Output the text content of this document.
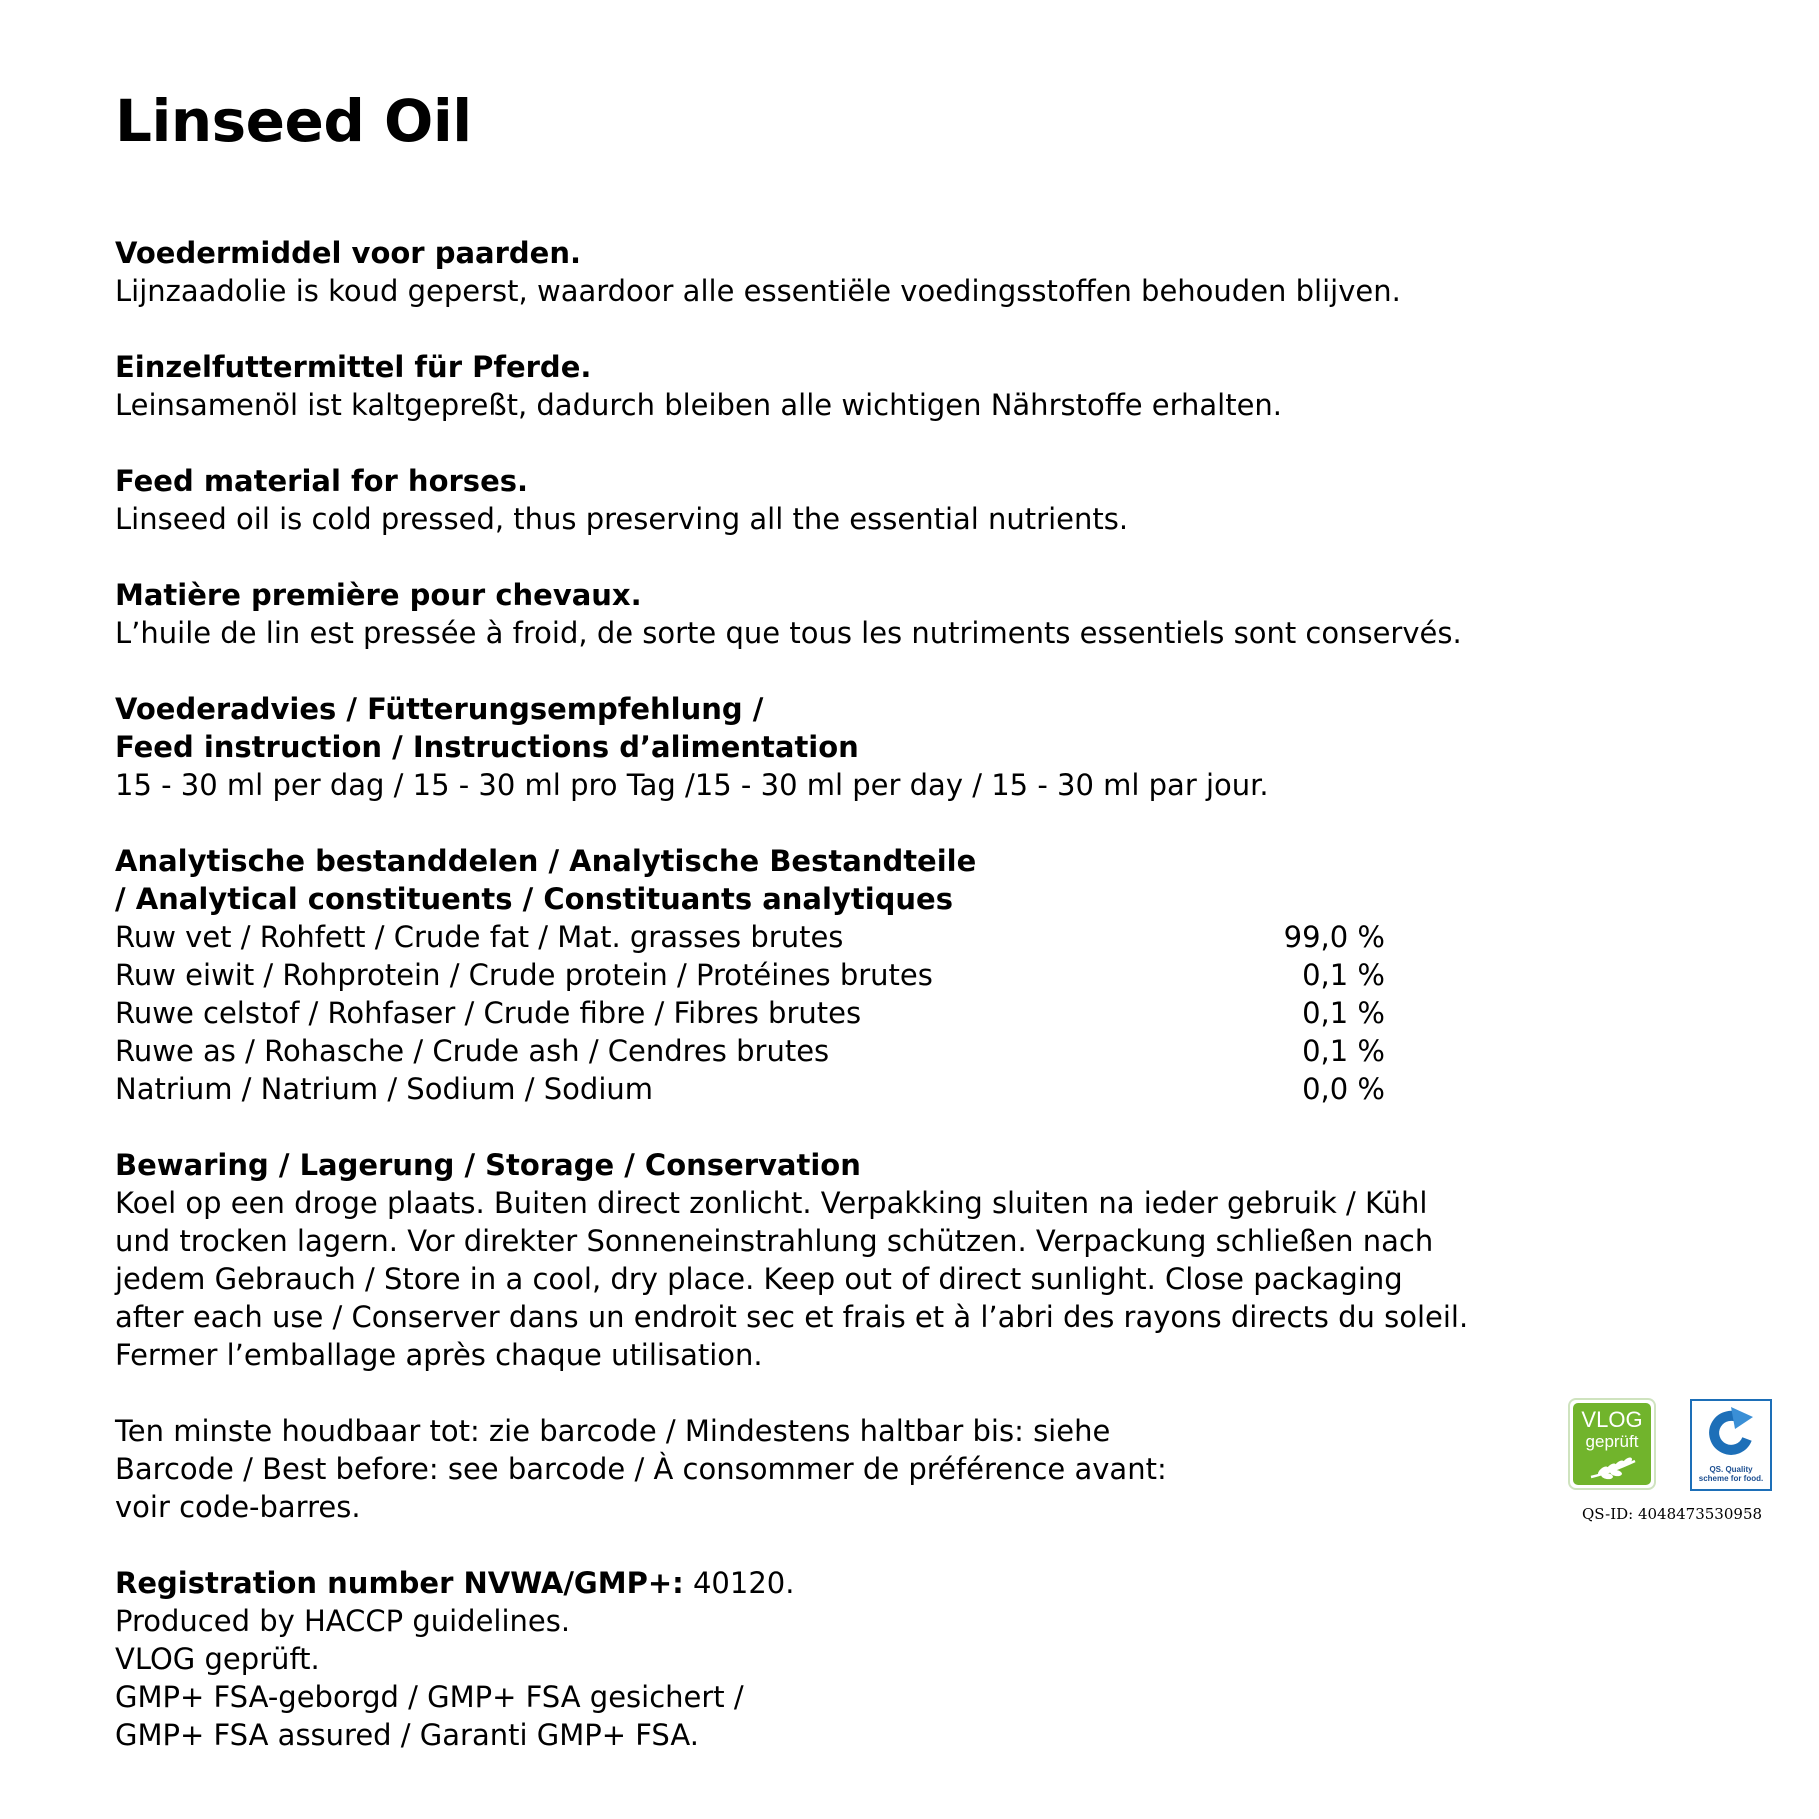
Linseed Oil
Voedermiddel voor paarden.
Lijnzaadolie is koud geperst, waardoor alle essentiële voedingsstoffen behouden blijven.
Einzelfuttermittel für Pferde.
Leinsamenöl ist kaltgepreßt, dadurch bleiben alle wichtigen Nährstoffe erhalten.
Feed material for horses.
Linseed oil is cold pressed, thus preserving all the essential nutrients.
Matière première pour chevaux.
L’huile de lin est pressée à froid, de sorte que tous les nutriments essentiels sont conservés.
Voederadvies / Fütterungsempfehlung /
Feed instruction / Instructions d’alimentation
15 - 30 ml per dag / 15 - 30 ml pro Tag /15 - 30 ml per day / 15 - 30 ml par jour.
Analytische bestanddelen / Analytische Bestandteile
/ Analytical constituents / Constituants analytiques
Ruw vet / Rohfett / Crude fat / Mat. grasses brutes	99,0 %
Ruw eiwit / Rohprotein / Crude protein / Protéines brutes	0,1 %
Ruwe celstof / Rohfaser / Crude fibre / Fibres brutes	0,1 %
Ruwe as / Rohasche / Crude ash / Cendres brutes	0,1 %
Natrium / Natrium / Sodium / Sodium	0,0 %
Bewaring / Lagerung / Storage / Conservation
Koel op een droge plaats. Buiten direct zonlicht. Verpakking sluiten na ieder gebruik / Kühl
und trocken lagern. Vor direkter Sonneneinstrahlung schützen. Verpackung schließen nach
jedem Gebrauch / Store in a cool, dry place. Keep out of direct sunlight. Close packaging
after each use / Conserver dans un endroit sec et frais et à l’abri des rayons directs du soleil.
Fermer l’emballage après chaque utilisation.
Ten minste houdbaar tot: zie barcode / Mindestens haltbar bis: siehe
Barcode / Best before: see barcode / À consommer de préférence avant:
voir code-barres.
Registration number NVWA/GMP+: 40120.
Produced by HACCP guidelines.
VLOG geprüft.
GMP+ FSA-geborgd / GMP+ FSA gesichert /
GMP+ FSA assured / Garanti GMP+ FSA.
VLOG
geprüft
QS. Quality
scheme for food.
QS-ID: 4048473530958
